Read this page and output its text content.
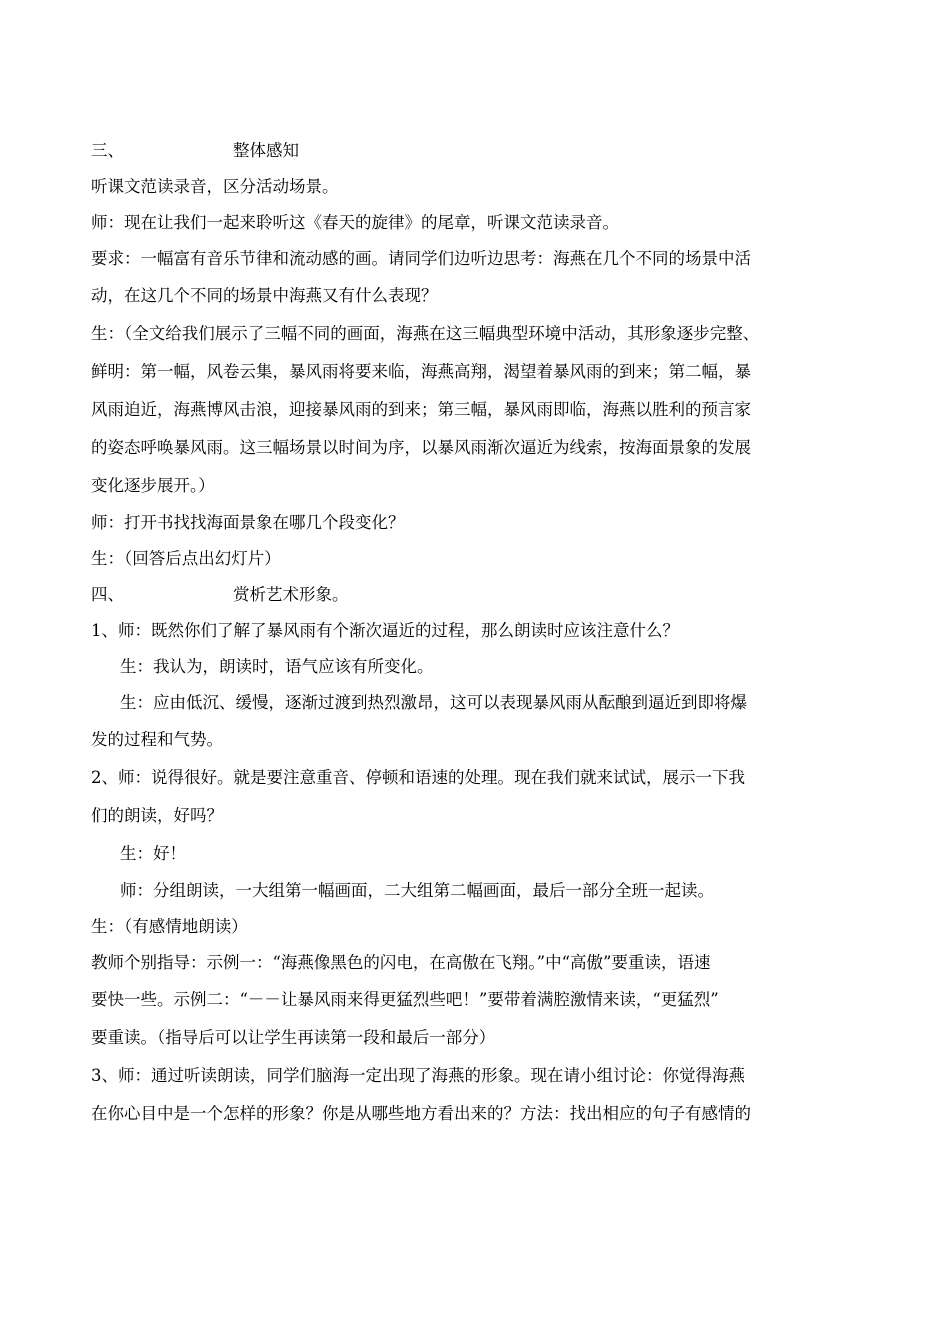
三、	整体感知
听课文范读录音，区分活动场景。
师：现在让我们一起来聆听这《春天的旋律》的尾章，听课文范读录音。
要求：一幅富有音乐节律和流动感的画。请同学们边听边思考：海燕在几个不同的场景中活
动，在这几个不同的场景中海燕又有什么表现？
生：（全文给我们展示了三幅不同的画面，海燕在这三幅典型环境中活动，其形象逐步完整、
鲜明：第一幅，风卷云集，暴风雨将要来临，海燕高翔，渴望着暴风雨的到来；第二幅，暴
风雨迫近，海燕博风击浪，迎接暴风雨的到来；第三幅，暴风雨即临，海燕以胜利的预言家
的姿态呼唤暴风雨。这三幅场景以时间为序，以暴风雨渐次逼近为线索，按海面景象的发展
变化逐步展开。）
师：打开书找找海面景象在哪几个段变化？
生：（回答后点出幻灯片）
四、	赏析艺术形象。
1、师：既然你们了解了暴风雨有个渐次逼近的过程，那么朗读时应该注意什么？
生：我认为，朗读时，语气应该有所变化。
生：应由低沉、缓慢，逐渐过渡到热烈激昂，这可以表现暴风雨从酝酿到逼近到即将爆
发的过程和气势。
2、师：说得很好。就是要注意重音、停顿和语速的处理。现在我们就来试试，展示一下我
们的朗读，好吗？
生：好！
师：分组朗读，一大组第一幅画面，二大组第二幅画面，最后一部分全班一起读。
生：（有感情地朗读）
教师个别指导：示例一：“海燕像黑色的闪电，在高傲在飞翔。”中“高傲”要重读，语速
要快一些。示例二：“－－让暴风雨来得更猛烈些吧！”要带着满腔激情来读，“更猛烈”
要重读。（指导后可以让学生再读第一段和最后一部分）
3、师：通过听读朗读，同学们脑海一定出现了海燕的形象。现在请小组讨论：你觉得海燕
在你心目中是一个怎样的形象？你是从哪些地方看出来的？方法：找出相应的句子有感情的
